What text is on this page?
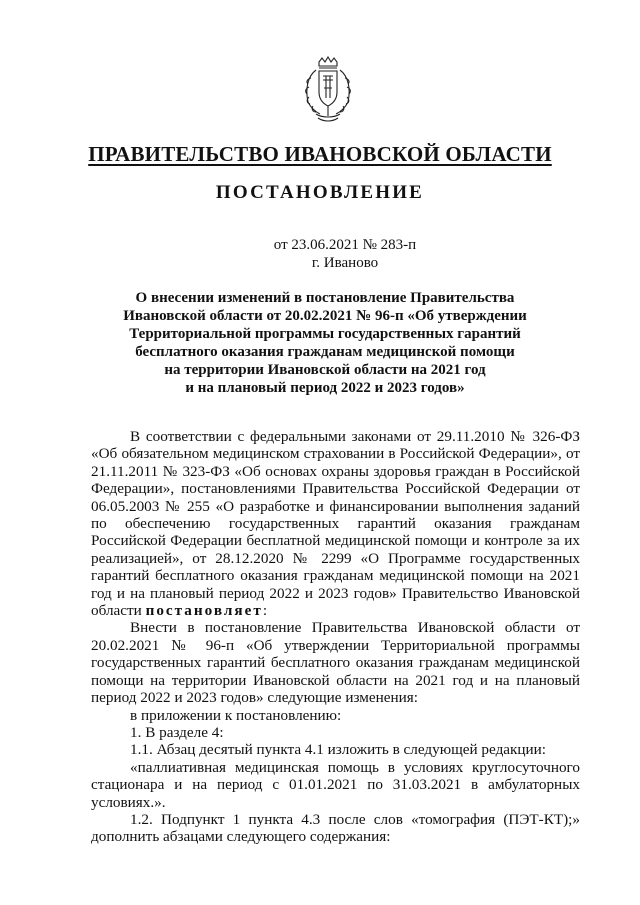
ПРАВИТЕЛЬСТВО ИВАНОВСКОЙ ОБЛАСТИ
ПОСТАНОВЛЕНИЕ
от 23.06.2021 № 283-п
г. Иваново
О внесении изменений в постановление Правительства
Ивановской области от 20.02.2021 № 96-п «Об утверждении
Территориальной программы государственных гарантий
бесплатного оказания гражданам медицинской помощи
на территории Ивановской области на 2021 год
и на плановый период 2022 и 2023 годов»

В соответствии с федеральными законами от 29.11.2010 № 326-ФЗ «Об обязательном медицинском страховании в Российской Федерации», от 21.11.2011 № 323-ФЗ «Об основах охраны здоровья граждан в Российской Федерации», постановлениями Правительства Российской Федерации от 06.05.2003 № 255 «О разработке и финансировании выполнения заданий по обеспечению государственных гарантий оказания гражданам Российской Федерации бесплатной медицинской помощи и контроле за их реализацией», от 28.12.2020 № 2299 «О Программе государственных гарантий бесплатного оказания гражданам медицинской помощи на 2021 год и на плановый период 2022 и 2023 годов» Правительство Ивановской области постановляет:

Внести в постановление Правительства Ивановской области от 20.02.2021 № 96-п «Об утверждении Территориальной программы государственных гарантий бесплатного оказания гражданам медицинской помощи на территории Ивановской области на 2021 год и на плановый период 2022 и 2023 годов» следующие изменения:

в приложении к постановлению:

1. В разделе 4:

1.1. Абзац десятый пункта 4.1 изложить в следующей редакции:

«паллиативная медицинская помощь в условиях круглосуточного стационара и на период с 01.01.2021 по 31.03.2021 в амбулаторных условиях.».

1.2. Подпункт 1 пункта 4.3 после слов «томография (ПЭТ-КТ);» дополнить абзацами следующего содержания:
